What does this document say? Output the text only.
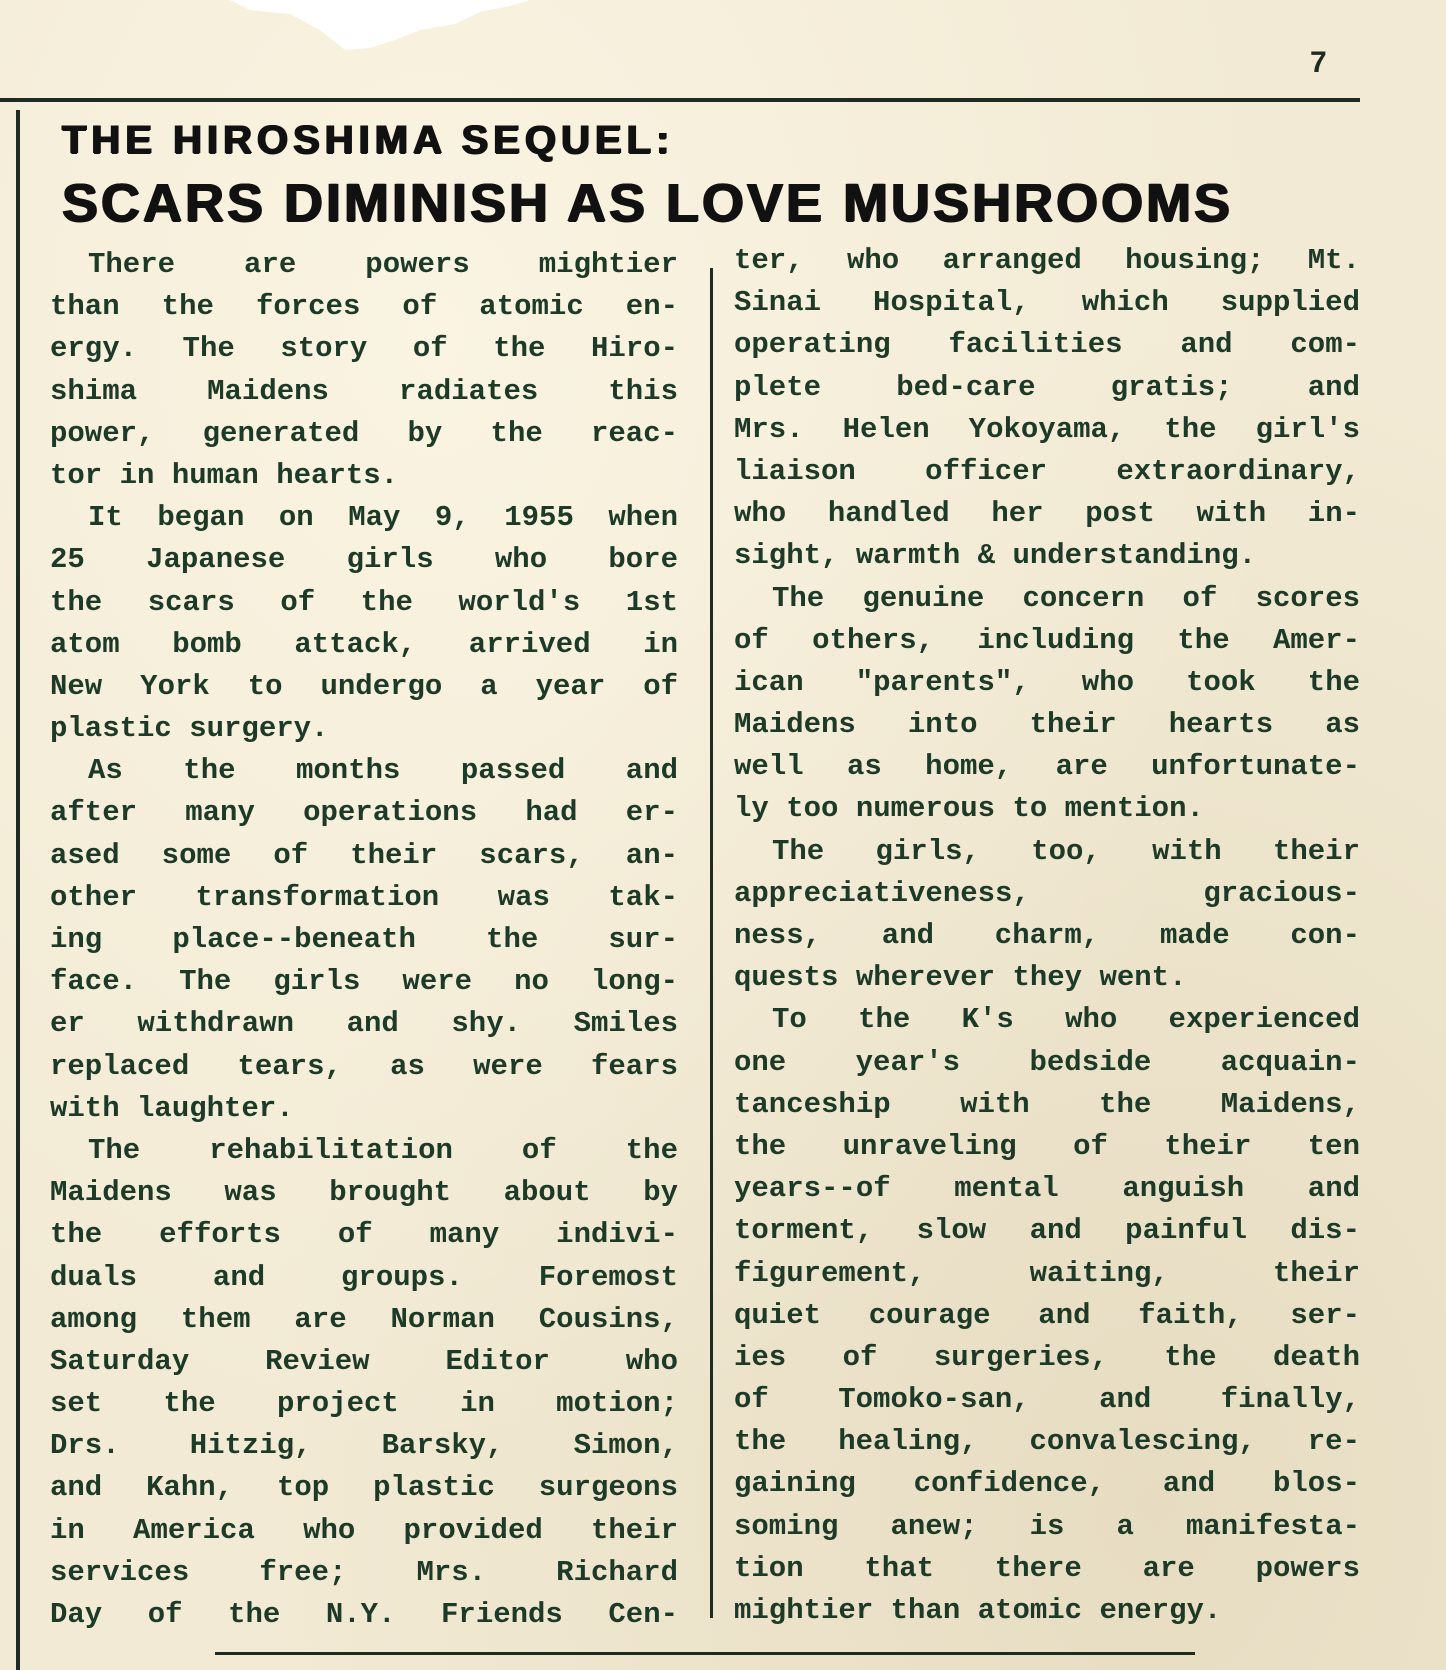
7
THE HIROSHIMA SEQUEL:
SCARS DIMINISH AS LOVE MUSHROOMS
There are powers mightier
than the forces of atomic en-
ergy. The story of the Hiro-
shima Maidens radiates this
power, generated by the reac-
tor in human hearts.
It began on May 9, 1955 when
25 Japanese girls who bore
the scars of the world's 1st
atom bomb attack, arrived in
New York to undergo a year of
plastic surgery.
As the months passed and
after many operations had er-
ased some of their scars, an-
other transformation was tak-
ing place--beneath the sur-
face. The girls were no long-
er withdrawn and shy. Smiles
replaced tears, as were fears
with laughter.
The rehabilitation of the
Maidens was brought about by
the efforts of many indivi-
duals and groups. Foremost
among them are Norman Cousins,
Saturday Review Editor who
set the project in motion;
Drs. Hitzig, Barsky, Simon,
and Kahn, top plastic surgeons
in America who provided their
services free; Mrs. Richard
Day of the N.Y. Friends Cen-
ter, who arranged housing; Mt.
Sinai Hospital, which supplied
operating facilities and com-
plete bed-care gratis; and
Mrs. Helen Yokoyama, the girl's
liaison officer extraordinary,
who handled her post with in-
sight, warmth & understanding.
The genuine concern of scores
of others, including the Amer-
ican "parents", who took the
Maidens into their hearts as
well as home, are unfortunate-
ly too numerous to mention.
The girls, too, with their
appreciativeness, gracious-
ness, and charm, made con-
quests wherever they went.
To the K's who experienced
one year's bedside acquain-
tanceship with the Maidens,
the unraveling of their ten
years--of mental anguish and
torment, slow and painful dis-
figurement, waiting, their
quiet courage and faith, ser-
ies of surgeries, the death
of Tomoko-san, and finally,
the healing, convalescing, re-
gaining confidence, and blos-
soming anew; is a manifesta-
tion that there are powers
mightier than atomic energy.
